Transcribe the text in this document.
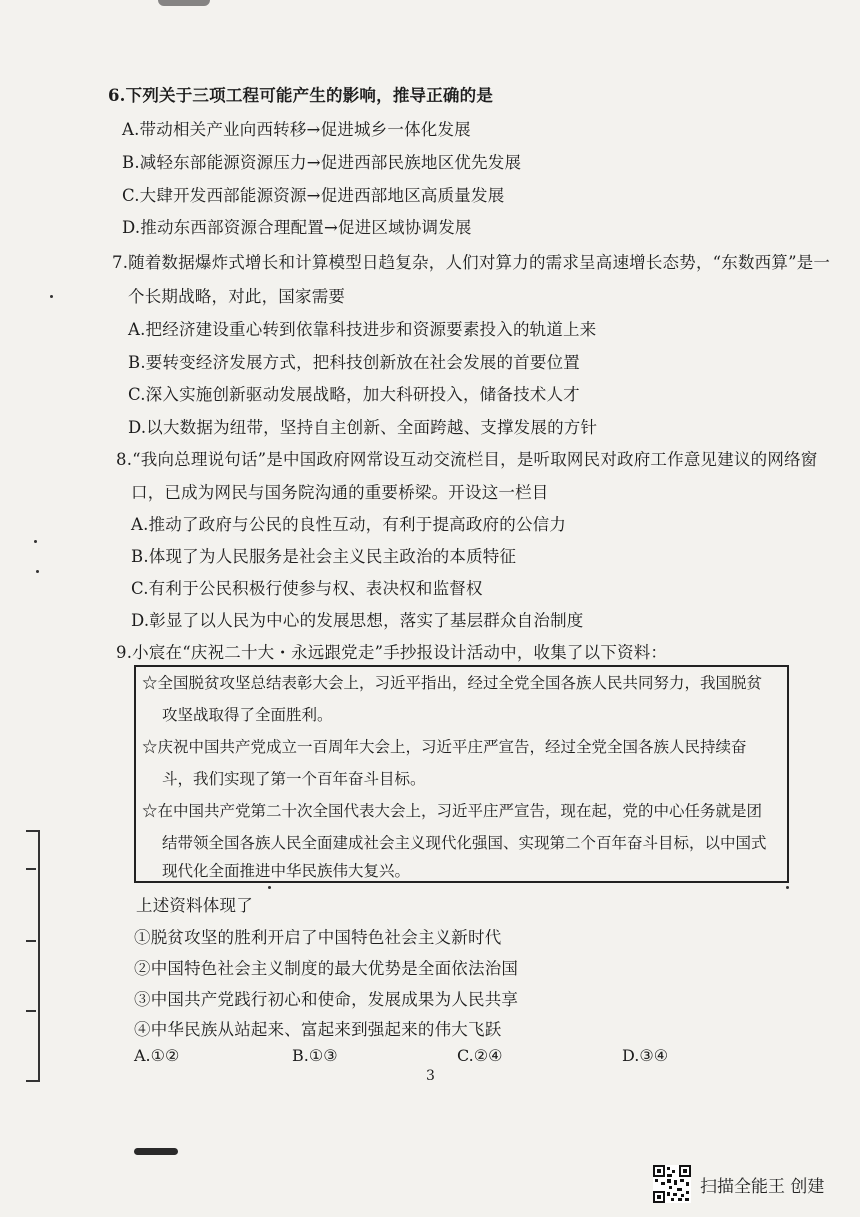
6.下列关于三项工程可能产生的影响，推导正确的是
A.带动相关产业向西转移→促进城乡一体化发展
B.减轻东部能源资源压力→促进西部民族地区优先发展
C.大肆开发西部能源资源→促进西部地区高质量发展
D.推动东西部资源合理配置→促进区域协调发展
7.随着数据爆炸式增长和计算模型日趋复杂，人们对算力的需求呈高速增长态势，“东数西算”是一
个长期战略，对此，国家需要
A.把经济建设重心转到依靠科技进步和资源要素投入的轨道上来
B.要转变经济发展方式，把科技创新放在社会发展的首要位置
C.深入实施创新驱动发展战略，加大科研投入，储备技术人才
D.以大数据为纽带，坚持自主创新、全面跨越、支撑发展的方针
8.“我向总理说句话”是中国政府网常设互动交流栏目，是听取网民对政府工作意见建议的网络窗
口，已成为网民与国务院沟通的重要桥梁。开设这一栏目
A.推动了政府与公民的良性互动，有利于提高政府的公信力
B.体现了为人民服务是社会主义民主政治的本质特征
C.有利于公民积极行使参与权、表决权和监督权
D.彰显了以人民为中心的发展思想，落实了基层群众自治制度
9.小宸在“庆祝二十大・永远跟党走”手抄报设计活动中，收集了以下资料：
☆全国脱贫攻坚总结表彰大会上，习近平指出，经过全党全国各族人民共同努力，我国脱贫
攻坚战取得了全面胜利。
☆庆祝中国共产党成立一百周年大会上，习近平庄严宣告，经过全党全国各族人民持续奋
斗，我们实现了第一个百年奋斗目标。
☆在中国共产党第二十次全国代表大会上，习近平庄严宣告，现在起，党的中心任务就是团
结带领全国各族人民全面建成社会主义现代化强国、实现第二个百年奋斗目标，以中国式
现代化全面推进中华民族伟大复兴。
上述资料体现了
①脱贫攻坚的胜利开启了中国特色社会主义新时代
②中国特色社会主义制度的最大优势是全面依法治国
③中国共产党践行初心和使命，发展成果为人民共享
④中华民族从站起来、富起来到强起来的伟大飞跃
A.①②	B.①③	C.②④	D.③④
3
扫描全能王 创建
